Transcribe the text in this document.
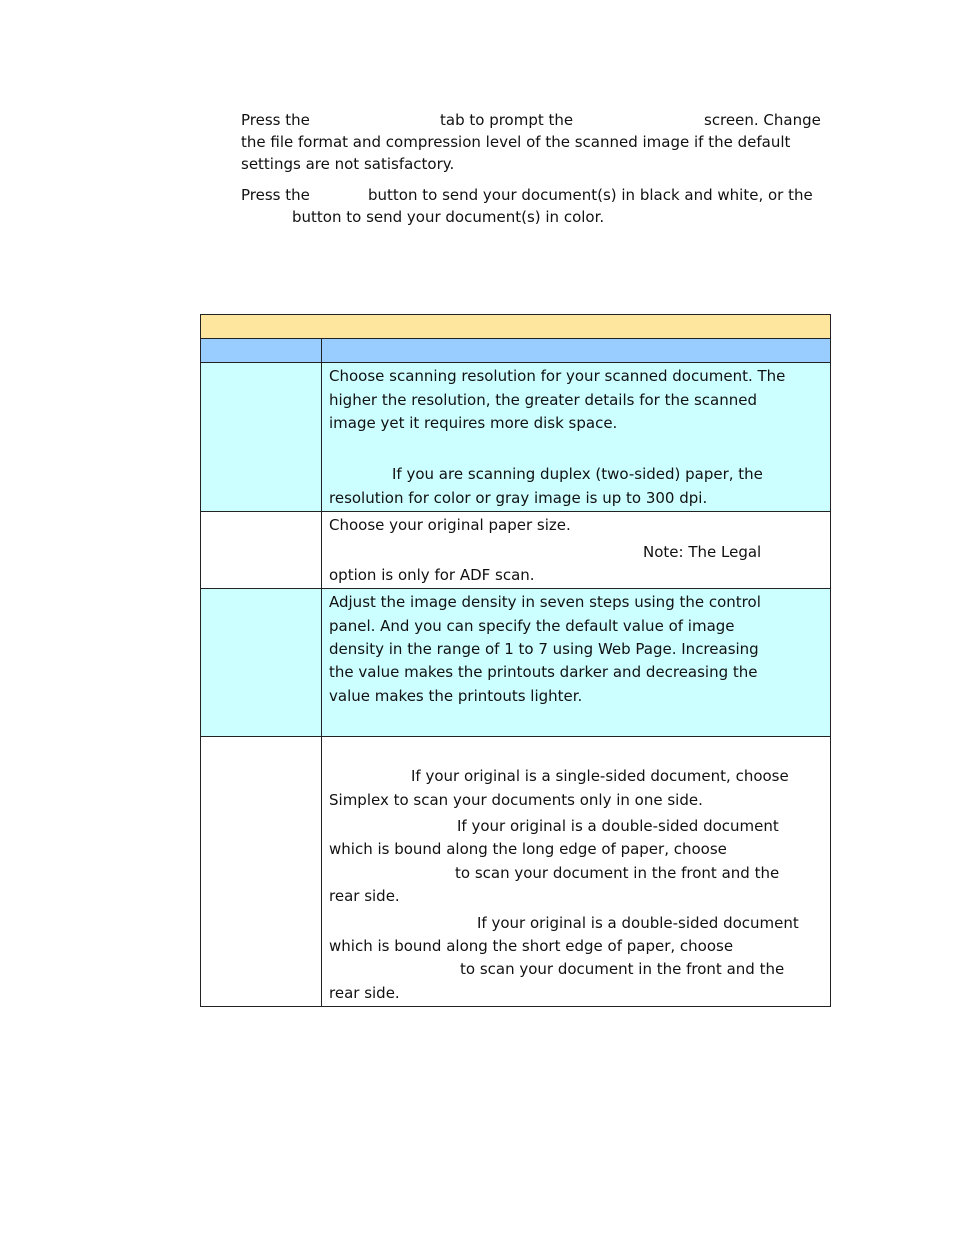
Press the	tab to prompt the	screen. Change
the file format and compression level of the scanned image if the default
settings are not satisfactory.
Press the	button to send your document(s) in black and white, or the
button to send your document(s) in color.
Choose scanning resolution for your scanned document. The
higher the resolution, the greater details for the scanned
image yet it requires more disk space.
If you are scanning duplex (two-sided) paper, the
resolution for color or gray image is up to 300 dpi.
Choose your original paper size.
Note: The Legal
option is only for ADF scan.
Adjust the image density in seven steps using the control
panel. And you can specify the default value of image
density in the range of 1 to 7 using Web Page. Increasing
the value makes the printouts darker and decreasing the
value makes the printouts lighter.
If your original is a single-sided document, choose
Simplex to scan your documents only in one side.
If your original is a double-sided document
which is bound along the long edge of paper, choose
to scan your document in the front and the
rear side.
If your original is a double-sided document
which is bound along the short edge of paper, choose
to scan your document in the front and the
rear side.
